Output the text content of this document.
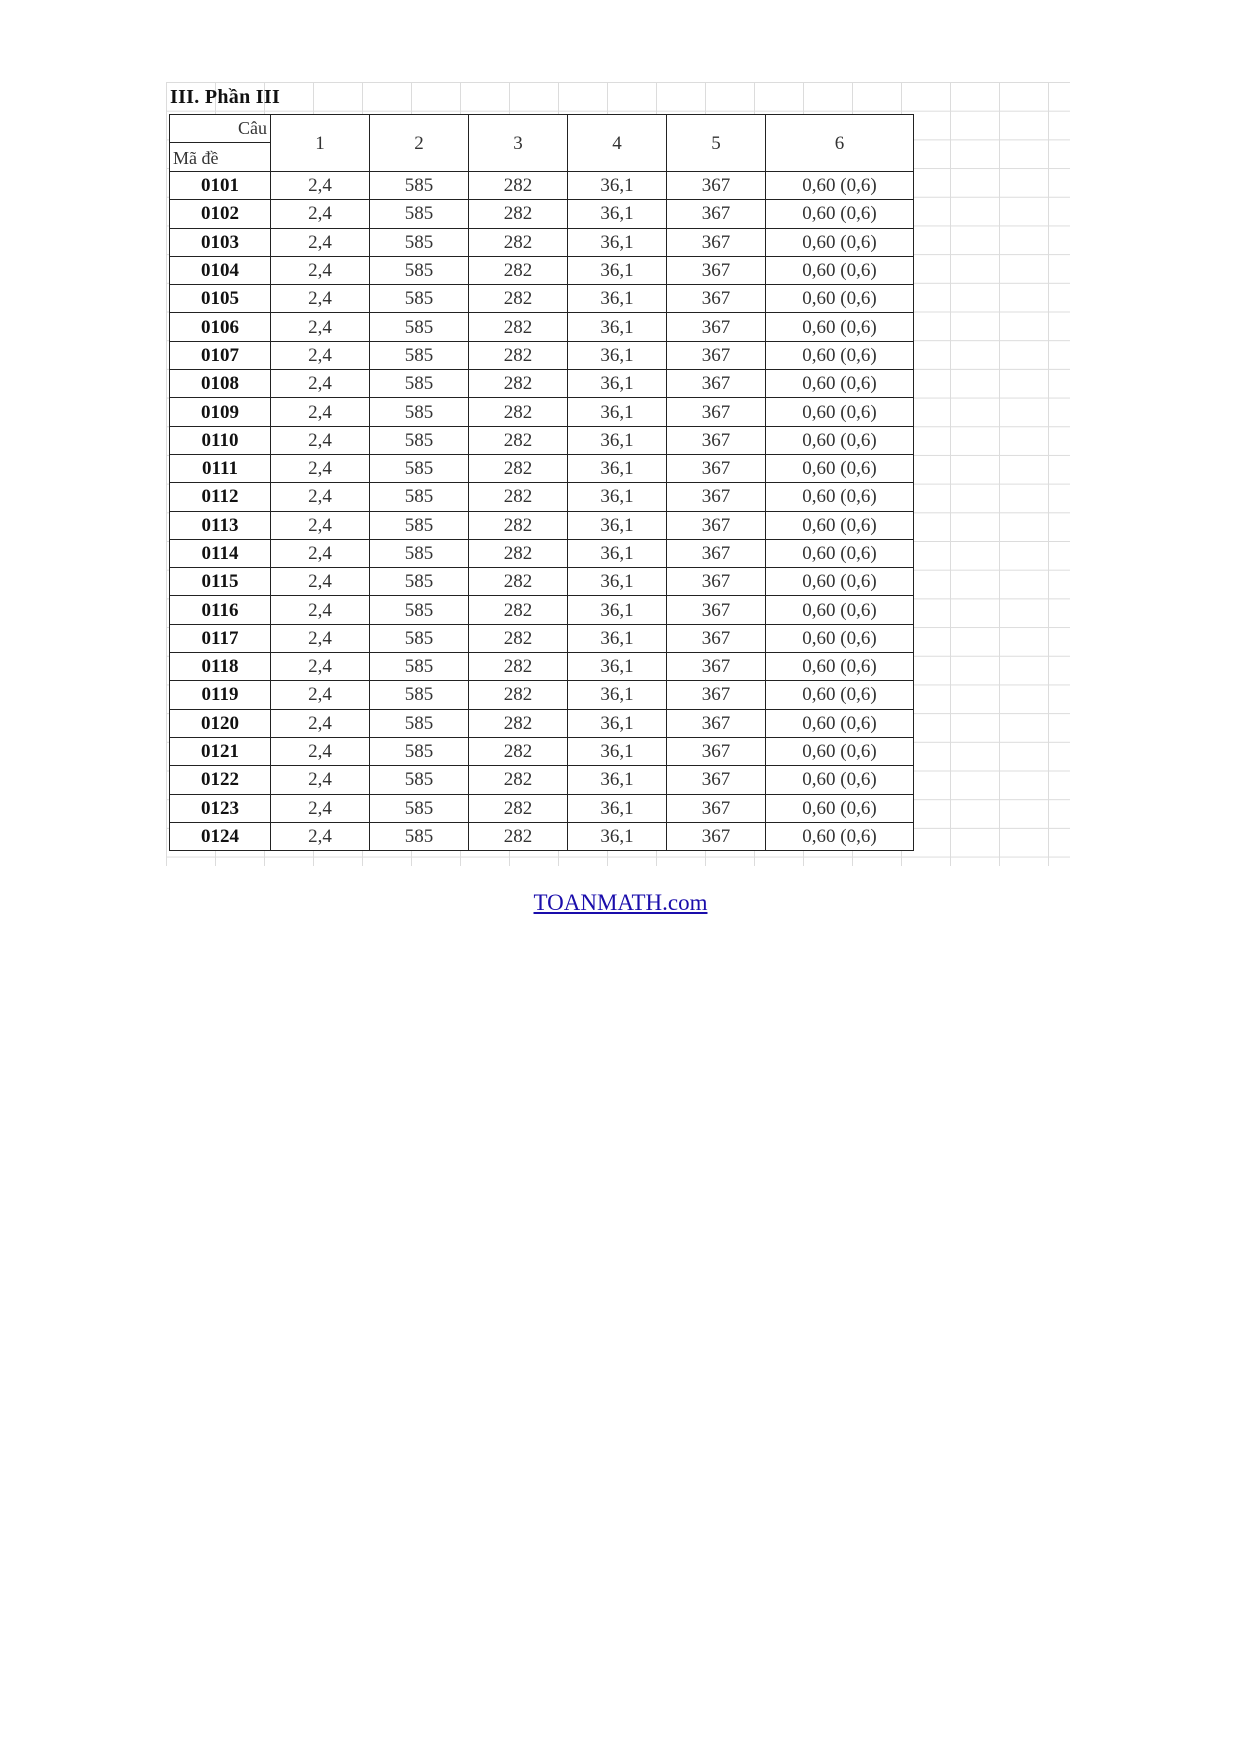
III. Phần III
Câu
Mã đề	1	2	3	4	5	6
0101	2,4	585	282	36,1	367	0,60 (0,6)
0102	2,4	585	282	36,1	367	0,60 (0,6)
0103	2,4	585	282	36,1	367	0,60 (0,6)
0104	2,4	585	282	36,1	367	0,60 (0,6)
0105	2,4	585	282	36,1	367	0,60 (0,6)
0106	2,4	585	282	36,1	367	0,60 (0,6)
0107	2,4	585	282	36,1	367	0,60 (0,6)
0108	2,4	585	282	36,1	367	0,60 (0,6)
0109	2,4	585	282	36,1	367	0,60 (0,6)
0110	2,4	585	282	36,1	367	0,60 (0,6)
0111	2,4	585	282	36,1	367	0,60 (0,6)
0112	2,4	585	282	36,1	367	0,60 (0,6)
0113	2,4	585	282	36,1	367	0,60 (0,6)
0114	2,4	585	282	36,1	367	0,60 (0,6)
0115	2,4	585	282	36,1	367	0,60 (0,6)
0116	2,4	585	282	36,1	367	0,60 (0,6)
0117	2,4	585	282	36,1	367	0,60 (0,6)
0118	2,4	585	282	36,1	367	0,60 (0,6)
0119	2,4	585	282	36,1	367	0,60 (0,6)
0120	2,4	585	282	36,1	367	0,60 (0,6)
0121	2,4	585	282	36,1	367	0,60 (0,6)
0122	2,4	585	282	36,1	367	0,60 (0,6)
0123	2,4	585	282	36,1	367	0,60 (0,6)
0124	2,4	585	282	36,1	367	0,60 (0,6)
TOANMATH.com
